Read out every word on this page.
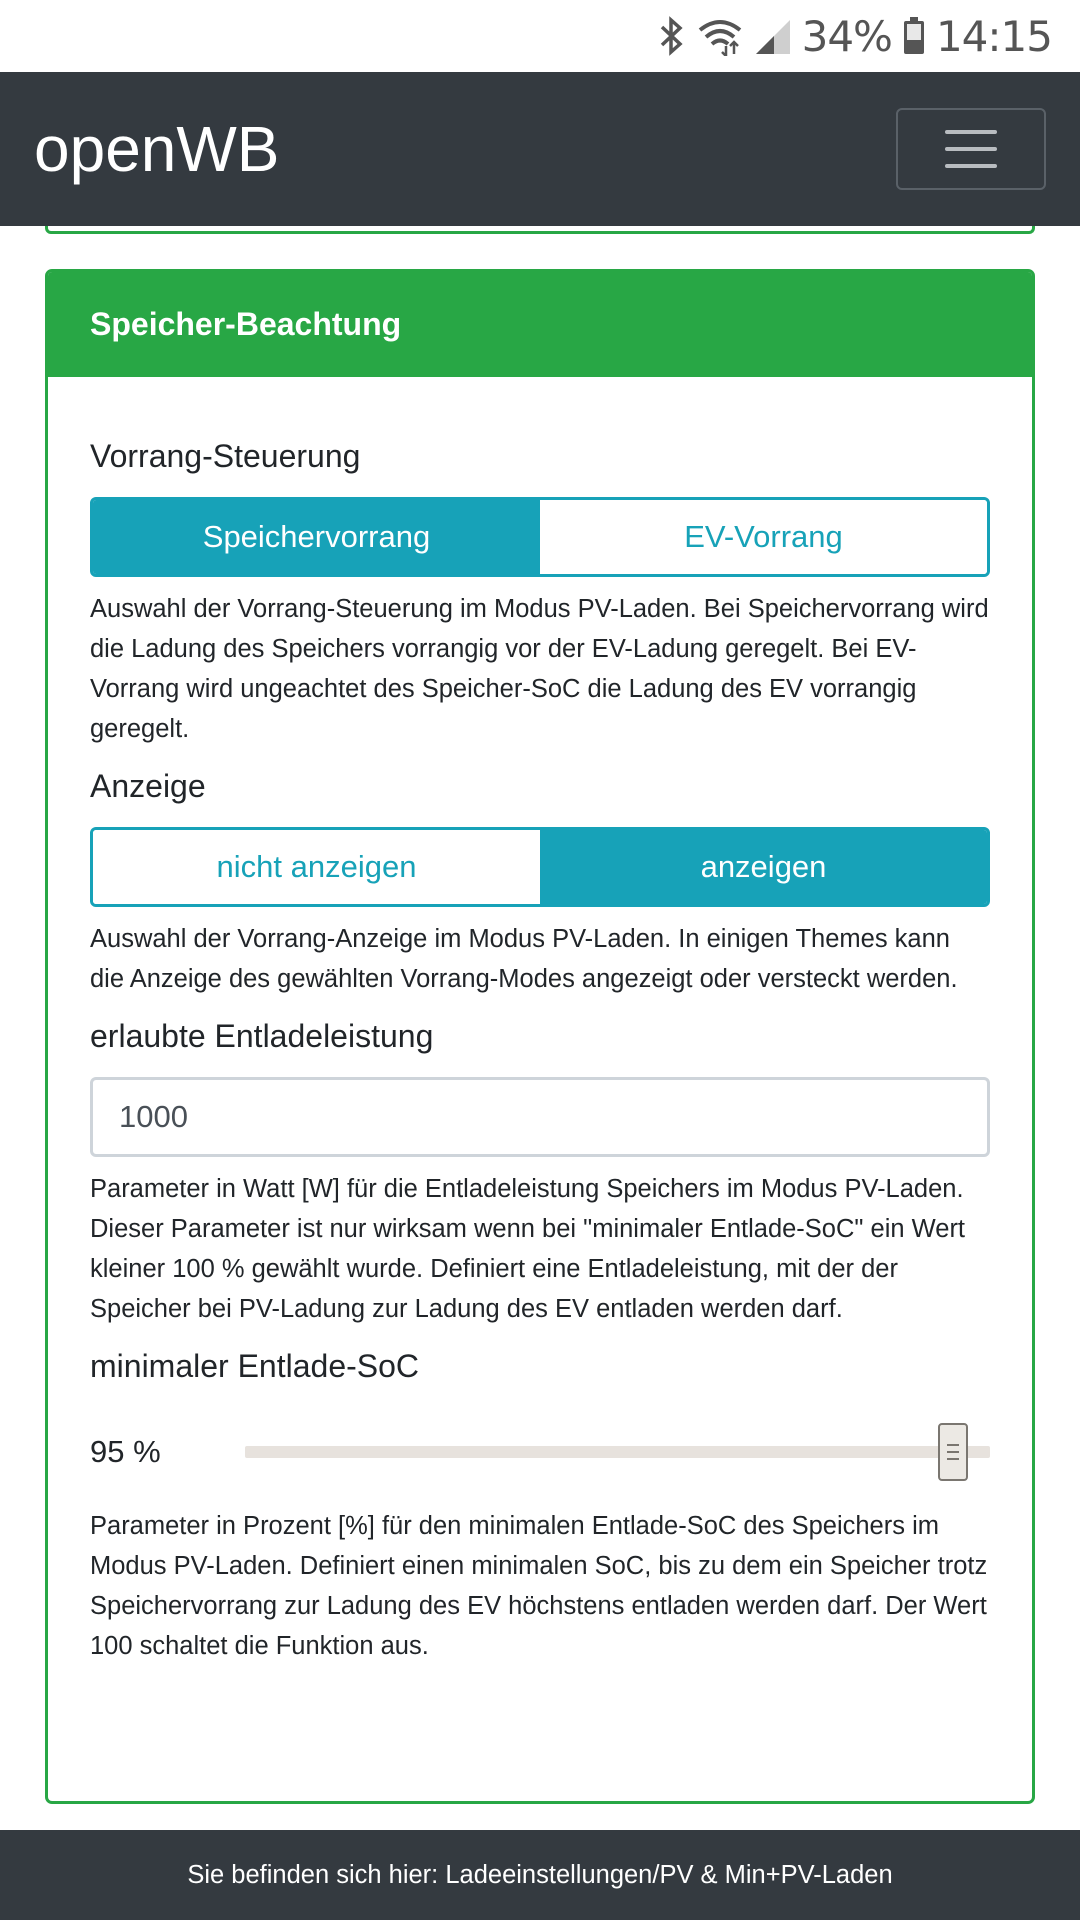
34% 14:15
openWB
Speicher-Beachtung
Vorrang-Steuerung
Speichervorrang	EV-Vorrang
Auswahl der Vorrang-Steuerung im Modus PV-Laden. Bei Speichervorrang wird die Ladung des Speichers vorrangig vor der EV-Ladung geregelt. Bei EV-Vorrang wird ungeachtet des Speicher-SoC die Ladung des EV vorrangig geregelt.
Anzeige
nicht anzeigen	anzeigen
Auswahl der Vorrang-Anzeige im Modus PV-Laden. In einigen Themes kann die Anzeige des gewählten Vorrang-Modes angezeigt oder versteckt werden.
erlaubte Entladeleistung
1000
Parameter in Watt [W] für die Entladeleistung Speichers im Modus PV-Laden. Dieser Parameter ist nur wirksam wenn bei "minimaler Entlade-SoC" ein Wert kleiner 100 % gewählt wurde. Definiert eine Entladeleistung, mit der der Speicher bei PV-Ladung zur Ladung des EV entladen werden darf.
minimaler Entlade-SoC
95 %
Parameter in Prozent [%] für den minimalen Entlade-SoC des Speichers im Modus PV-Laden. Definiert einen minimalen SoC, bis zu dem ein Speicher trotz Speichervorrang zur Ladung des EV höchstens entladen werden darf. Der Wert 100 schaltet die Funktion aus.
Sie befinden sich hier: Ladeeinstellungen/PV & Min+PV-Laden
